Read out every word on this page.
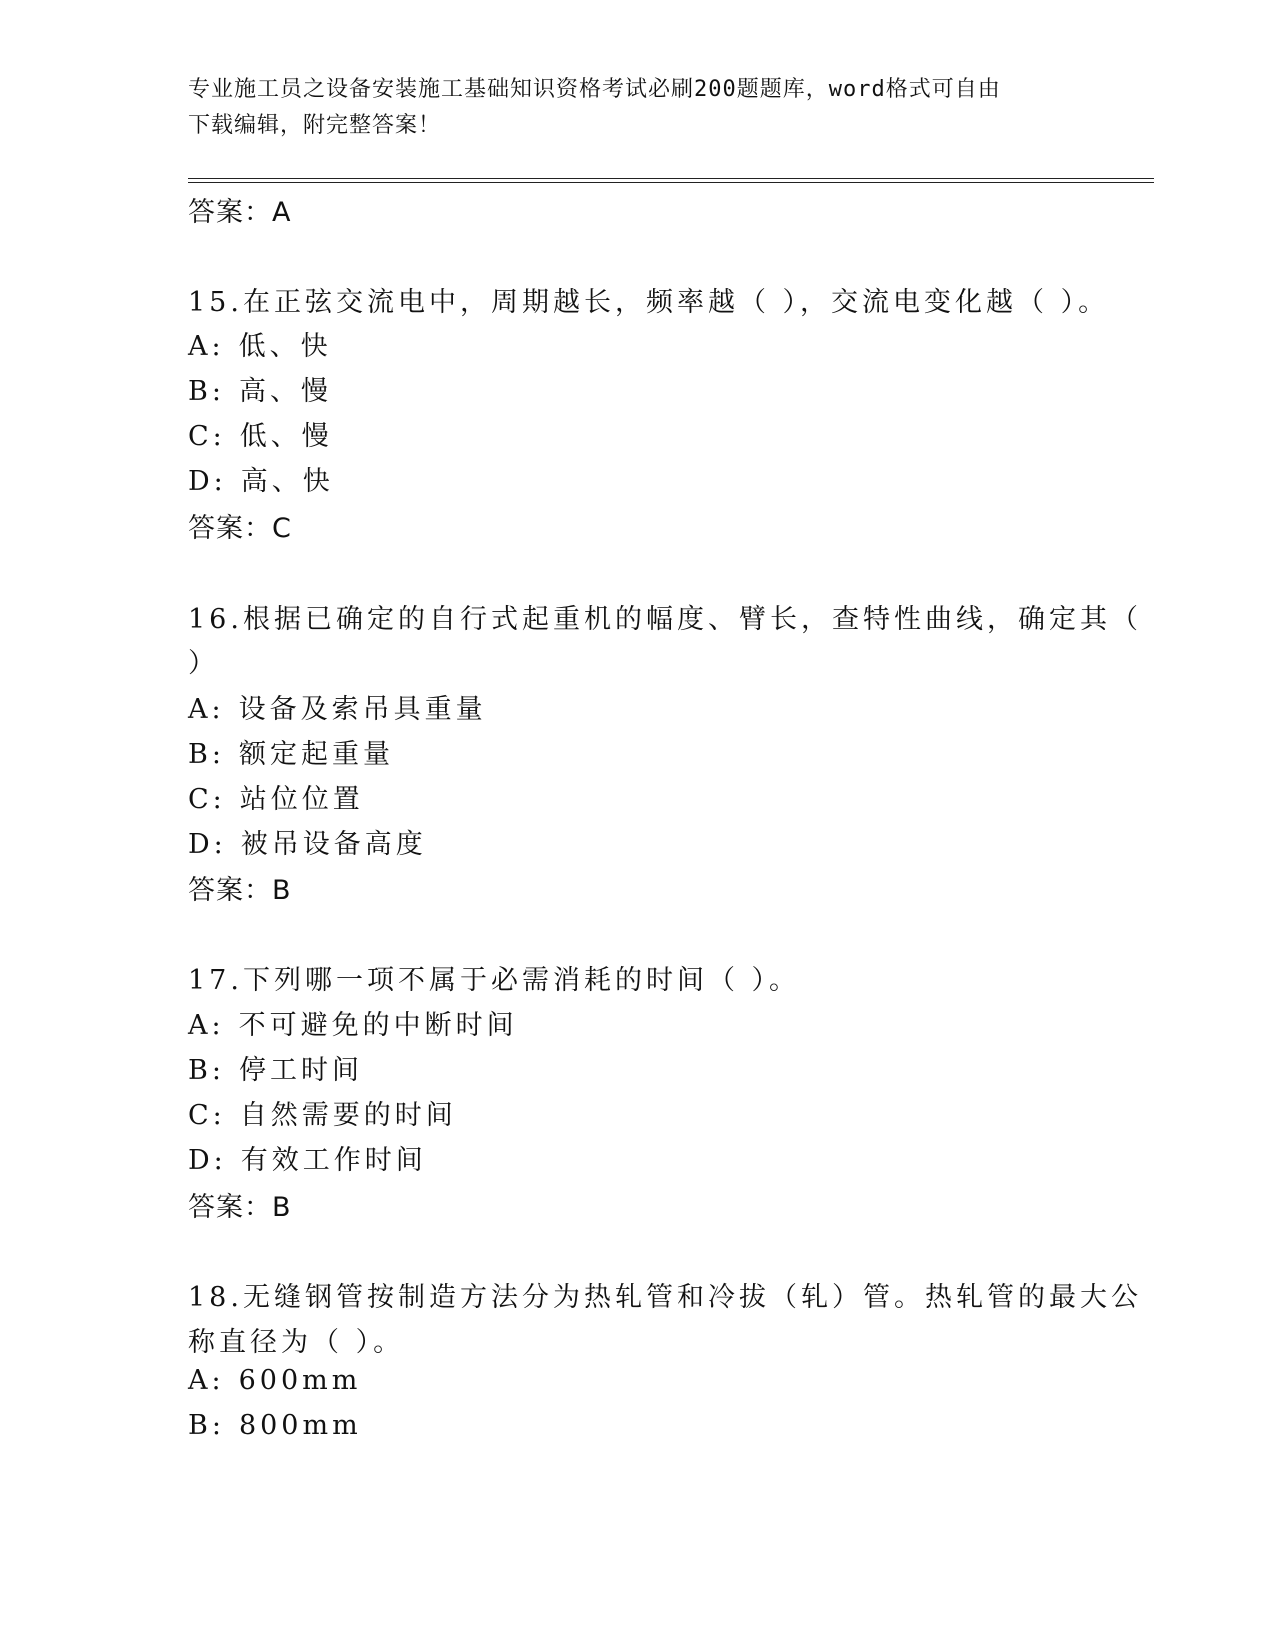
专业施工员之设备安装施工基础知识资格考试必刷200题题库，word格式可自由
下载编辑，附完整答案！
答案：A
15.在正弦交流电中，周期越长，频率越（ ），交流电变化越（ ）。
A: 低、快
B: 高、慢
C: 低、慢
D: 高、快
答案：C
16.根据已确定的自行式起重机的幅度、臂长，查特性曲线，确定其（
）
A: 设备及索吊具重量
B: 额定起重量
C: 站位位置
D: 被吊设备高度
答案：B
17.下列哪一项不属于必需消耗的时间（ ）。
A: 不可避免的中断时间
B: 停工时间
C: 自然需要的时间
D: 有效工作时间
答案：B
18.无缝钢管按制造方法分为热轧管和冷拔（轧）管。热轧管的最大公
称直径为（ ）。
A: 600mm
B: 800mm
